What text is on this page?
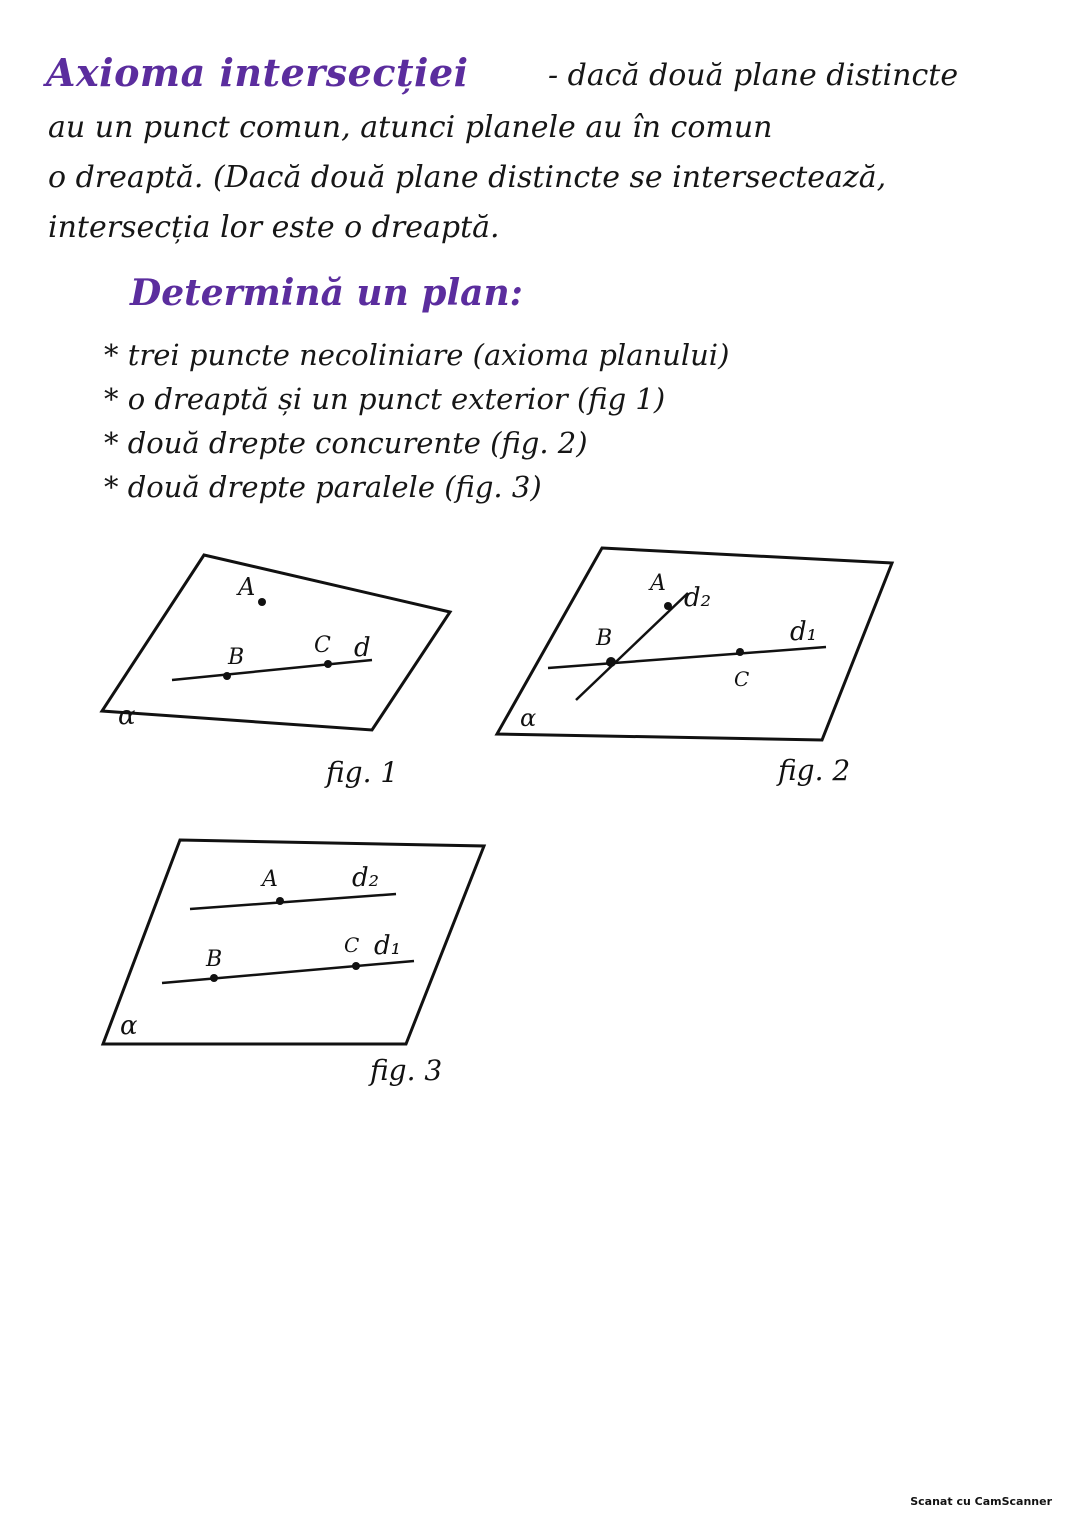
Axioma intersecției	- dacă două plane distincte
au un punct comun, atunci planele au în comun
o dreaptă. (Dacă două plane distincte se intersectează,
intersecția lor este o dreaptă.
Determină un plan:
* trei puncte necoliniare (axioma planului)
* o dreaptă și un punct exterior (fig 1)
* două drepte concurente (fig. 2)
* două drepte paralele (fig. 3)
A
B	C d
α
fig. 1
A d₂
B	d₁
C
α
fig. 2
A	d₂
B
C d₁
α
fig. 3
Scanat cu CamScanner
